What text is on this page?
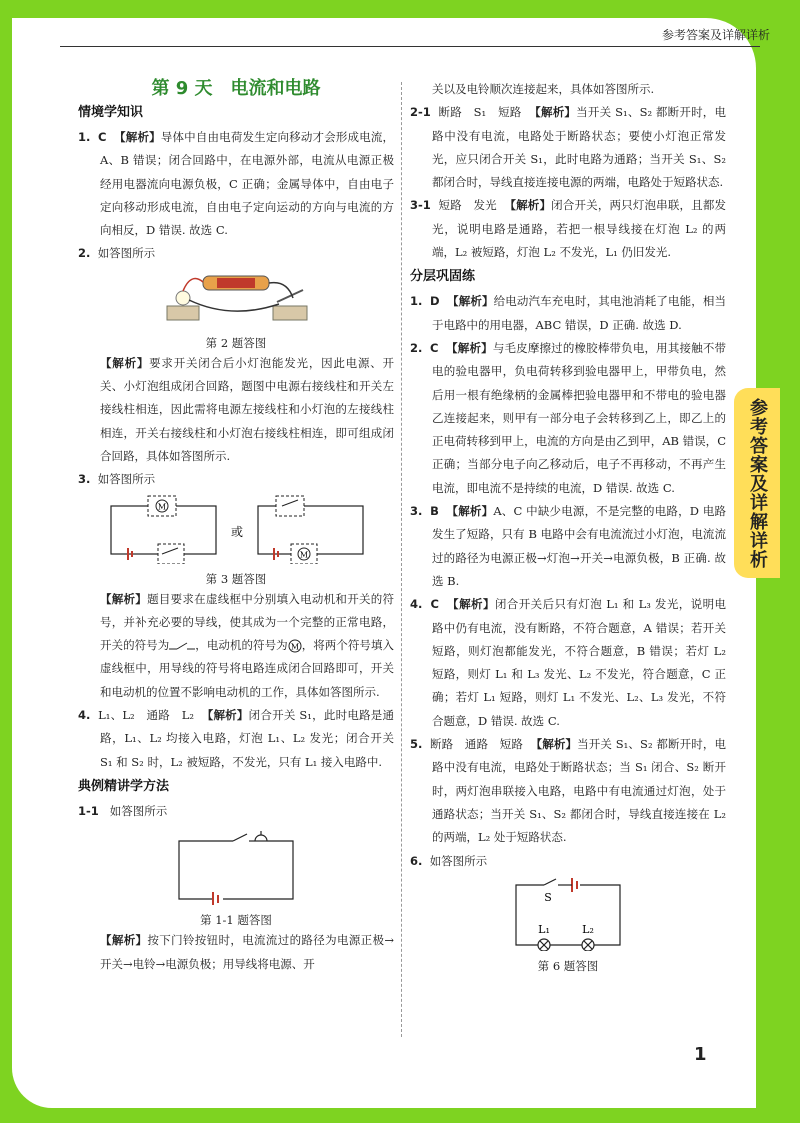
参考答案及详解详析
参考答案及详解详析
1

第 9 天　电流和电路

情境学知识

1. C 【解析】导体中自由电荷发生定向移动才会形成电流，A、B 错误；闭合回路中，在电源外部，电流从电源正极经用电器流向电源负极，C 正确；金属导体中，自由电子定向移动形成电流，自由电子定向运动的方向与电流的方向相反，D 错误. 故选 C.

2. 如答图所示

第 2 题答图

【解析】要求开关闭合后小灯泡能发光，因此电源、开关、小灯泡组成闭合回路，题图中电源右接线柱和开关左接线柱相连，因此需将电源左接线柱和小灯泡的左接线柱相连，开关右接线柱和小灯泡右接线柱相连，即可组成闭合回路，具体如答图所示.

3. 如答图所示

M
M
或

第 3 题答图

【解析】题目要求在虚线框中分别填入电动机和开关的符号，并补充必要的导线，使其成为一个完整的正常电路，开关的符号为 ，电动机的符号为 M ，将两个符号填入虚线框中，用导线的符号将电路连成闭合回路即可，开关和电动机的位置不影响电动机的工作，具体如答图所示.

4. L₁、L₂　通路　L₂ 【解析】闭合开关 S₁，此时电路是通路，L₁、L₂ 均接入电路，灯泡 L₁、L₂ 发光；闭合开关 S₁ 和 S₂ 时，L₂ 被短路，不发光，只有 L₁ 接入电路中.

典例精讲学方法

1-1 如答图所示

第 1-1 题答图

【解析】按下门铃按钮时，电流流过的路径为电源正极→开关→电铃→电源负极；用导线将电源、开

关以及电铃顺次连接起来，具体如答图所示.

2-1 断路　S₁　短路 【解析】当开关 S₁、S₂ 都断开时，电路中没有电流，电路处于断路状态；要使小灯泡正常发光，应只闭合开关 S₁，此时电路为通路；当开关 S₁、S₂ 都闭合时，导线直接连接电源的两端，电路处于短路状态.

3-1 短路　发光 【解析】闭合开关，两只灯泡串联，且都发光，说明电路是通路，若把一根导线接在灯泡 L₂ 的两端，L₂ 被短路，灯泡 L₂ 不发光，L₁ 仍旧发光.

分层巩固练

1. D 【解析】给电动汽车充电时，其电池消耗了电能，相当于电路中的用电器，ABC 错误，D 正确. 故选 D.

2. C 【解析】与毛皮摩擦过的橡胶棒带负电，用其接触不带电的验电器甲，负电荷转移到验电器甲上，甲带负电，然后用一根有绝缘柄的金属棒把验电器甲和不带电的验电器乙连接起来，则甲有一部分电子会转移到乙上，即乙上的正电荷转移到甲上，电流的方向是由乙到甲，AB 错误，C 正确；当部分电子向乙移动后，电子不再移动，不再产生电流，即电流不是持续的电流，D 错误. 故选 C.

3. B 【解析】A、C 中缺少电源，不是完整的电路，D 电路发生了短路，只有 B 电路中会有电流流过小灯泡，电流流过的路径为电源正极→灯泡→开关→电源负极，B 正确. 故选 B.

4. C 【解析】闭合开关后只有灯泡 L₁ 和 L₃ 发光，说明电路中仍有电流，没有断路，不符合题意，A 错误；若开关短路，则灯泡都能发光，不符合题意，B 错误；若灯 L₂ 短路，则灯 L₁ 和 L₃ 发光、L₂ 不发光，符合题意，C 正确；若灯 L₁ 短路，则灯 L₁ 不发光、L₂、L₃ 发光，不符合题意，D 错误. 故选 C.

5. 断路　通路　短路 【解析】当开关 S₁、S₂ 都断开时，电路中没有电流，电路处于断路状态；当 S₁ 闭合、S₂ 断开时，两灯泡串联接入电路，电路中有电流通过灯泡，处于通路状态；当开关 S₁、S₂ 都闭合时，导线直接连接在 L₂ 的两端，L₂ 处于短路状态.

6. 如答图所示

S
L₁	L₂

第 6 题答图
